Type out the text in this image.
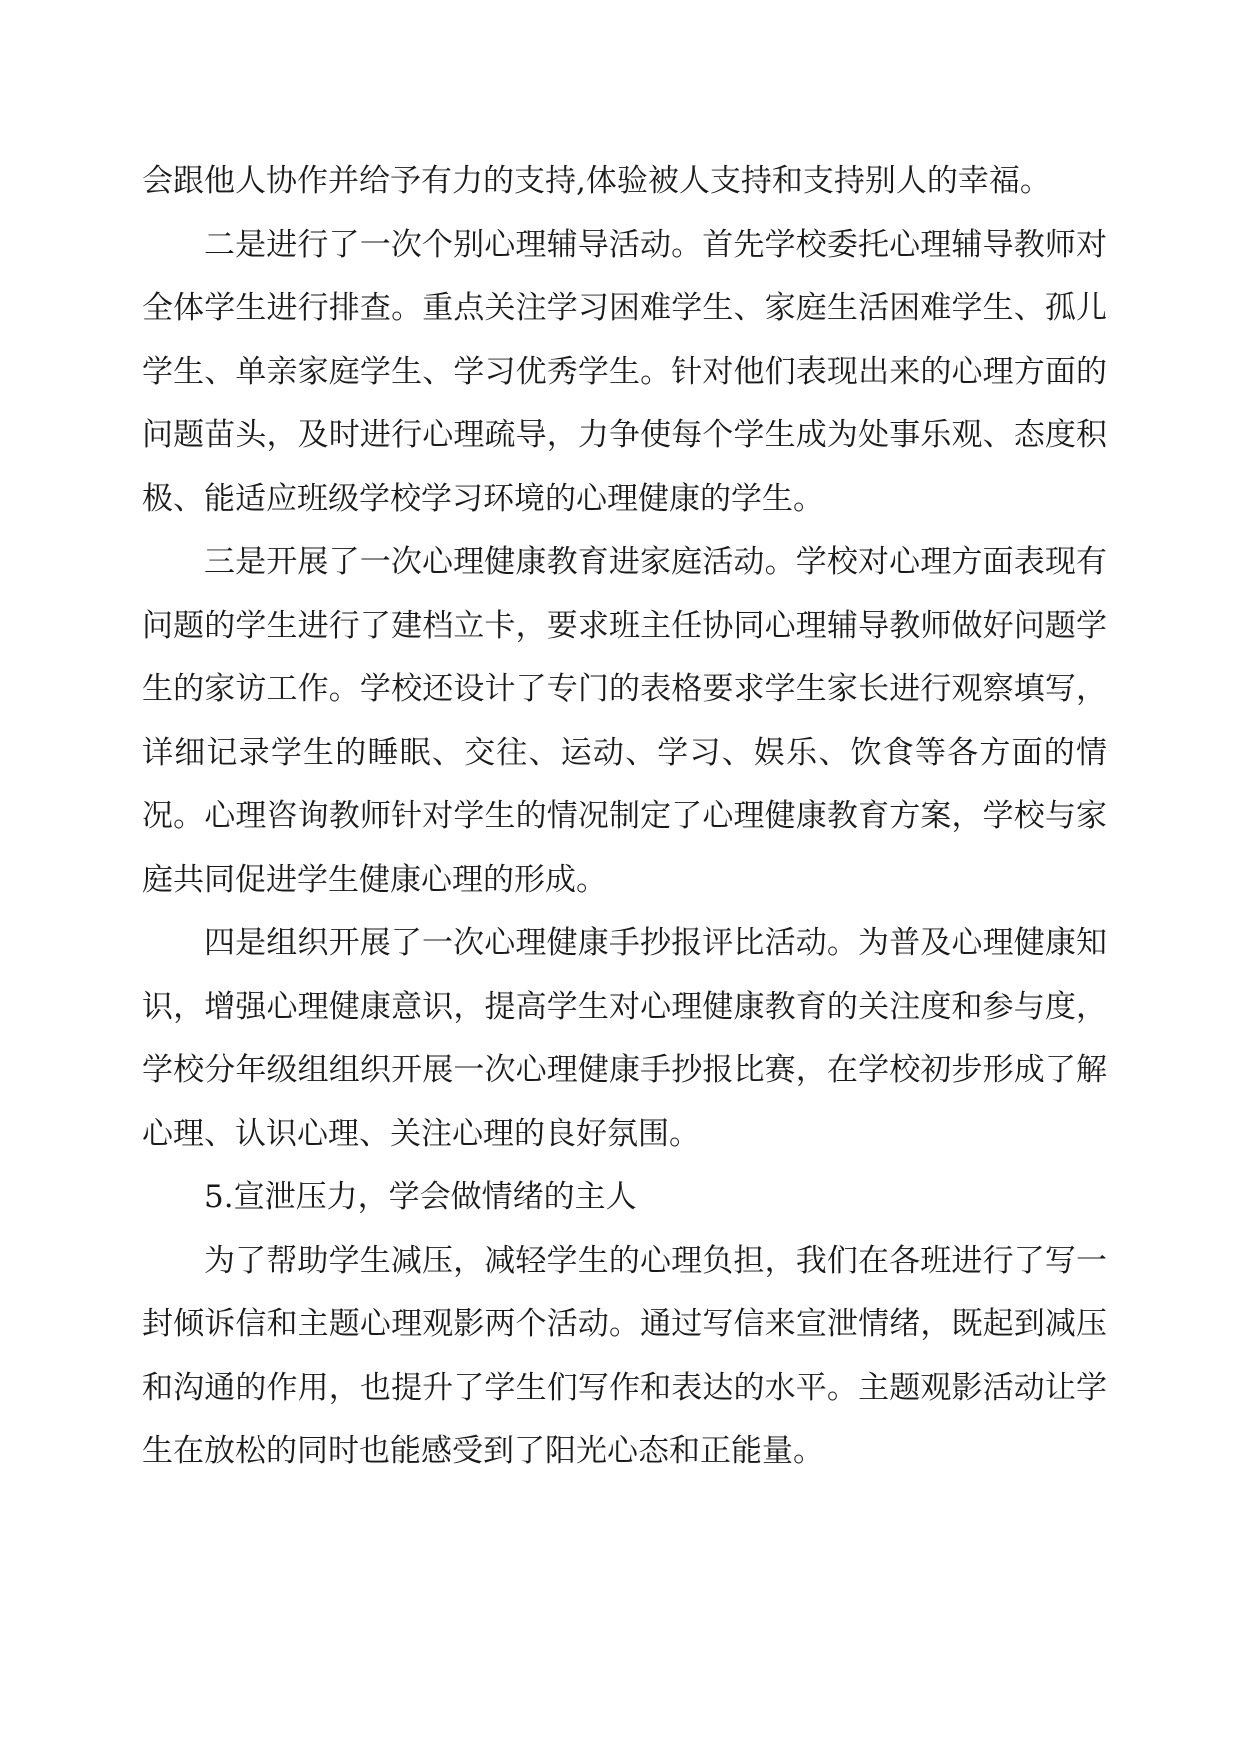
会跟他人协作并给予有力的支持,体验被人支持和支持别人的幸福。

二是进行了一次个别心理辅导活动。首先学校委托心理辅导教师对全体学生进行排查。重点关注学习困难学生、家庭生活困难学生、孤儿学生、单亲家庭学生、学习优秀学生。针对他们表现出来的心理方面的问题苗头，及时进行心理疏导，力争使每个学生成为处事乐观、态度积极、能适应班级学校学习环境的心理健康的学生。

三是开展了一次心理健康教育进家庭活动。学校对心理方面表现有问题的学生进行了建档立卡，要求班主任协同心理辅导教师做好问题学生的家访工作。学校还设计了专门的表格要求学生家长进行观察填写，详细记录学生的睡眠、交往、运动、学习、娱乐、饮食等各方面的情况。心理咨询教师针对学生的情况制定了心理健康教育方案，学校与家庭共同促进学生健康心理的形成。

四是组织开展了一次心理健康手抄报评比活动。为普及心理健康知识，增强心理健康意识，提高学生对心理健康教育的关注度和参与度，学校分年级组组织开展一次心理健康手抄报比赛，在学校初步形成了解心理、认识心理、关注心理的良好氛围。

5.宣泄压力，学会做情绪的主人

为了帮助学生减压，减轻学生的心理负担，我们在各班进行了写一封倾诉信和主题心理观影两个活动。通过写信来宣泄情绪，既起到减压和沟通的作用，也提升了学生们写作和表达的水平。主题观影活动让学生在放松的同时也能感受到了阳光心态和正能量。
